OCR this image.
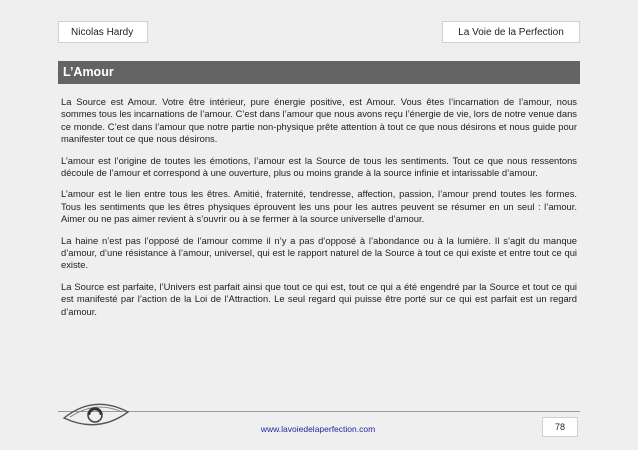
Nicolas Hardy	La Voie de la Perfection
L’Amour

La Source est Amour. Votre être intérieur, pure énergie positive, est Amour. Vous êtes l’incarnation de l’amour, nous sommes tous les incarnations de l’amour. C’est dans l’amour que nous avons reçu l’énergie de vie, lors de notre venue dans ce monde. C’est dans l’amour que notre partie non-physique prête attention à tout ce que nous désirons et nous guide pour manifester tout ce que nous désirons.

L’amour est l’origine de toutes les émotions, l’amour est la Source de tous les sentiments. Tout ce que nous ressentons découle de l’amour et correspond à une ouverture, plus ou moins grande à la source infinie et intarissable d’amour.

L’amour est le lien entre tous les êtres. Amitié, fraternité, tendresse, affection, passion, l’amour prend toutes les formes. Tous les sentiments que les êtres physiques éprouvent les uns pour les autres peuvent se résumer en un seul : l’amour. Aimer ou ne pas aimer revient à s’ouvrir ou à se fermer à la source universelle d’amour.

La haine n’est pas l’opposé de l’amour comme il n’y a pas d’opposé à l’abondance ou à la lumière. Il s’agit du manque d’amour, d’une résistance à l’amour, universel, qui est le rapport naturel de la Source à tout ce qui existe et entre tout ce qui existe.

La Source est parfaite, l’Univers est parfait ainsi que tout ce qui est, tout ce qui a été engendré par la Source et tout ce qui est manifesté par l’action de la Loi de l’Attraction. Le seul regard qui puisse être porté sur ce qui est parfait est un regard d’amour.

www.lavoiedelaperfection.com	78
